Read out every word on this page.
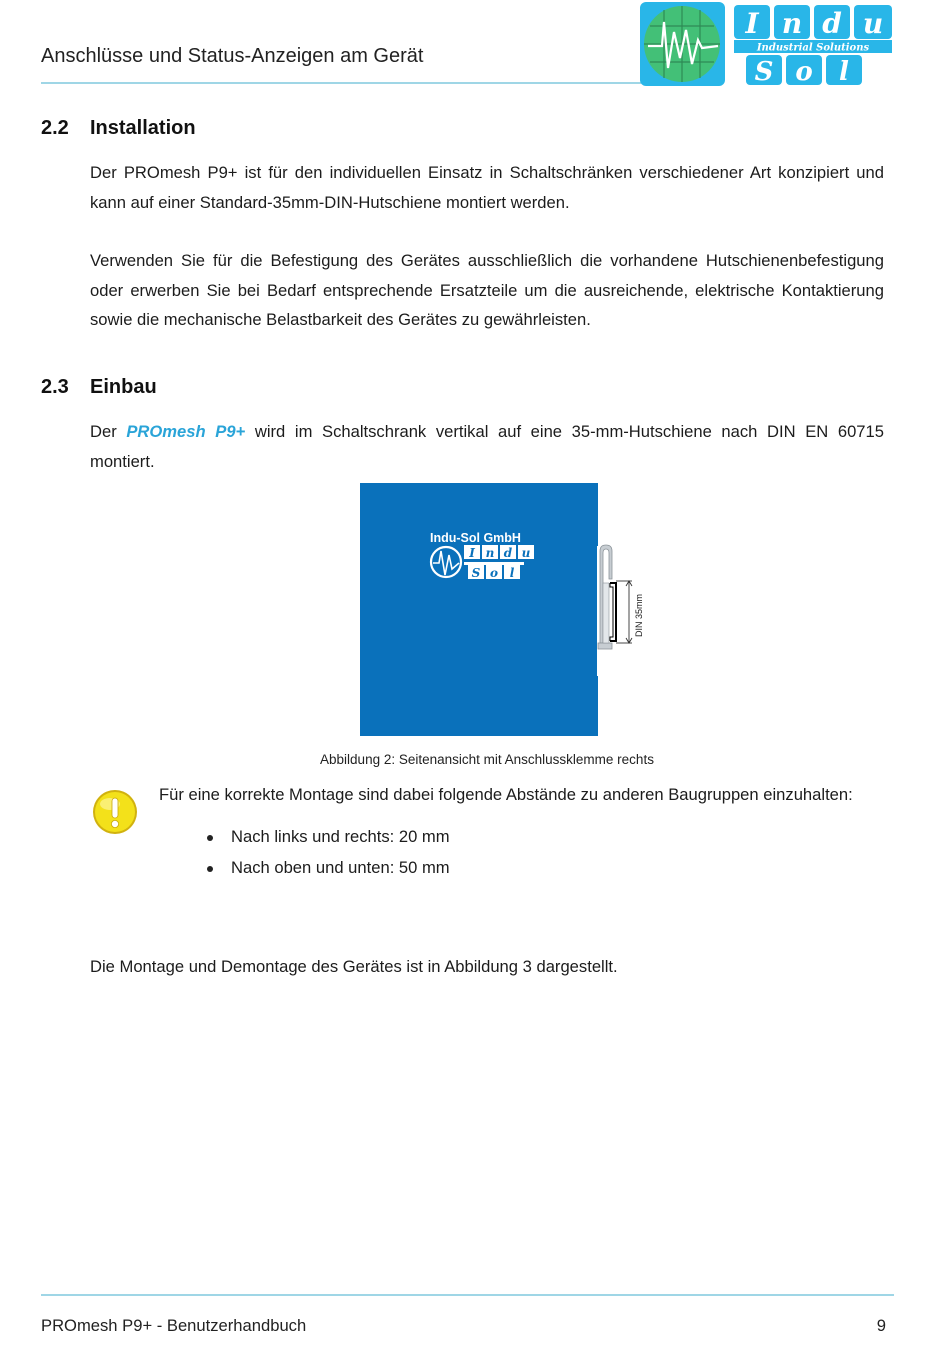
Anschlüsse und Status-Anzeigen am Gerät
I n d u
Industrial Solutions
S o l
2.2 Installation

Der PROmesh P9+ ist für den individuellen Einsatz in Schaltschränken verschiedener Art konzipiert und kann auf einer Standard-35mm-DIN-Hutschiene montiert werden.

Verwenden Sie für die Befestigung des Gerätes ausschließlich die vorhandene Hutschienenbefestigung oder erwerben Sie bei Bedarf entsprechende Ersatzteile um die ausreichende, elektrische Kontaktierung sowie die mechanische Belastbarkeit des Gerätes zu gewährleisten.

2.3 Einbau

Der PROmesh P9+ wird im Schaltschrank vertikal auf eine 35-mm-Hutschiene nach DIN EN 60715 montiert.

Indu-Sol GmbH
I n d u
S o l
DIN 35mm
Abbildung 2: Seitenansicht mit Anschlussklemme rechts
Für eine korrekte Montage sind dabei folgende Abstände zu anderen Baugruppen einzuhalten:
Nach links und rechts: 20 mm
Nach oben und unten: 50 mm
Die Montage und Demontage des Gerätes ist in Abbildung 3 dargestellt.
PROmesh P9+ - Benutzerhandbuch	9
